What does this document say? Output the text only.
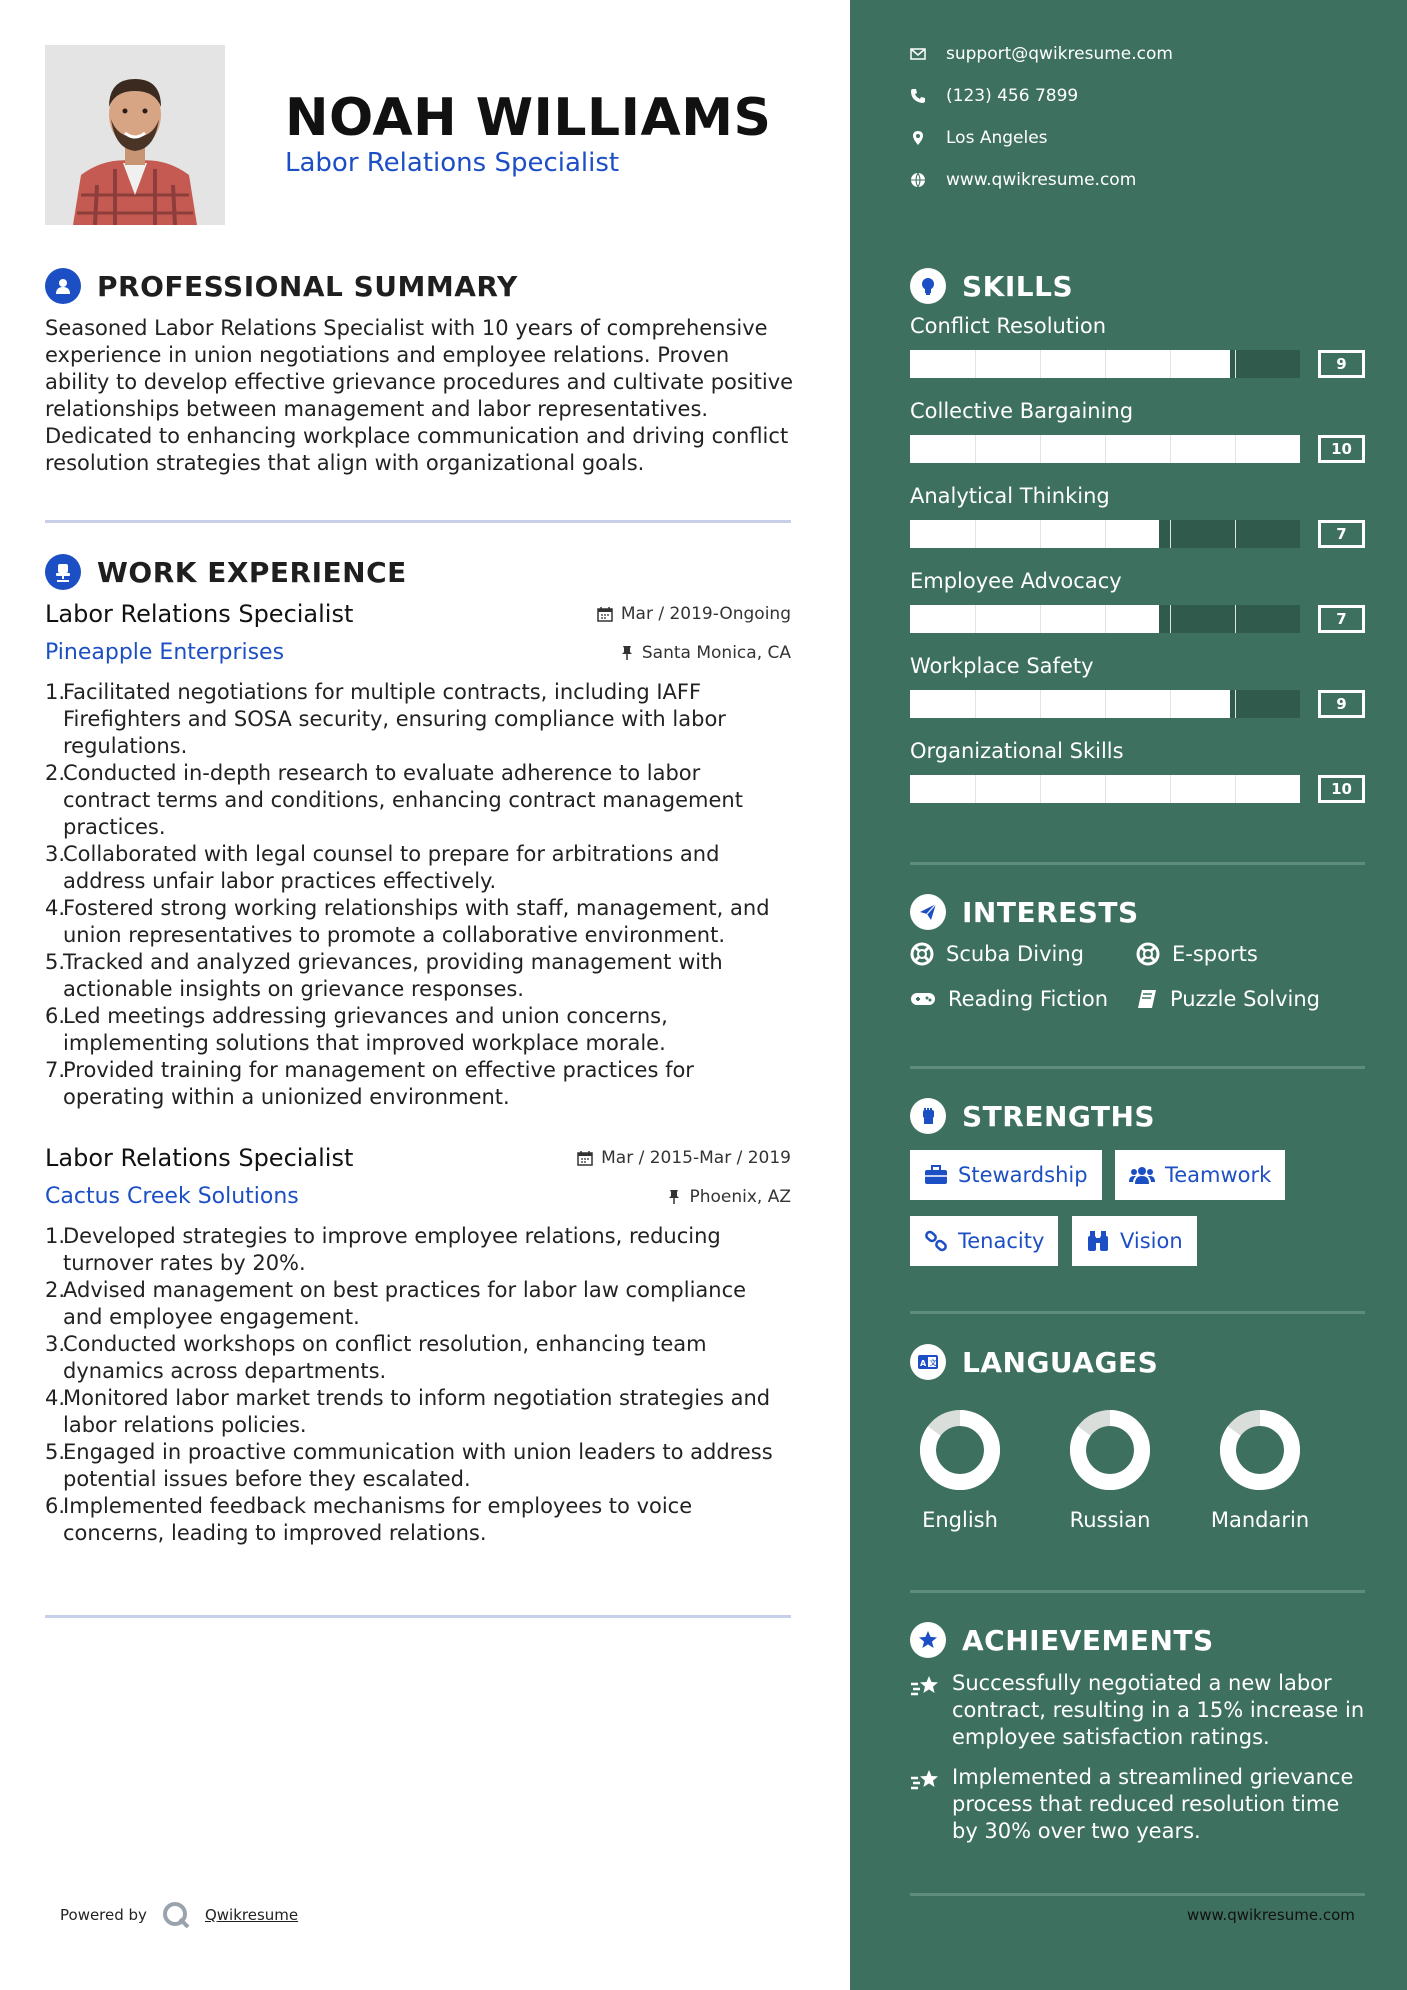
NOAH WILLIAMS
Labor Relations Specialist
PROFESSIONAL SUMMARY

Seasoned Labor Relations Specialist with 10 years of comprehensive experience in union negotiations and employee relations. Proven ability to develop effective grievance procedures and cultivate positive relationships between management and labor representatives. Dedicated to enhancing workplace communication and driving conflict resolution strategies that align with organizational goals.

WORK EXPERIENCE
Labor Relations Specialist	Mar / 2019-Ongoing
Pineapple Enterprises	Santa Monica, CA
1.
Facilitated negotiations for multiple contracts, including IAFF Firefighters and SOSA security, ensuring compliance with labor regulations.
2.
Conducted in-depth research to evaluate adherence to labor contract terms and conditions, enhancing contract management practices.
3.
Collaborated with legal counsel to prepare for arbitrations and address unfair labor practices effectively.
4.
Fostered strong working relationships with staff, management, and union representatives to promote a collaborative environment.
5.
Tracked and analyzed grievances, providing management with actionable insights on grievance responses.
6.
Led meetings addressing grievances and union concerns, implementing solutions that improved workplace morale.
7.
Provided training for management on effective practices for operating within a unionized environment.
Labor Relations Specialist	Mar / 2015-Mar / 2019
Cactus Creek Solutions	Phoenix, AZ
1.
Developed strategies to improve employee relations, reducing turnover rates by 20%.
2.
Advised management on best practices for labor law compliance and employee engagement.
3.
Conducted workshops on conflict resolution, enhancing team dynamics across departments.
4.
Monitored labor market trends to inform negotiation strategies and labor relations policies.
5.
Engaged in proactive communication with union leaders to address potential issues before they escalated.
6.
Implemented feedback mechanisms for employees to voice concerns, leading to improved relations.
Powered by	Qwikresume
support@qwikresume.com
(123) 456 7899
Los Angeles
www.qwikresume.com
SKILLS
Conflict Resolution
9
Collective Bargaining
10
Analytical Thinking
7
Employee Advocacy
7
Workplace Safety
9
Organizational Skills
10
INTERESTS
Scuba Diving	E-sports
Reading Fiction	Puzzle Solving
STRENGTHS
Stewardship	Teamwork
Tenacity	Vision
A 文 LANGUAGES
English	Russian	Mandarin
ACHIEVEMENTS
Successfully negotiated a new labor contract, resulting in a 15% increase in employee satisfaction ratings.
Implemented a streamlined grievance process that reduced resolution time by 30% over two years.
www.qwikresume.com
